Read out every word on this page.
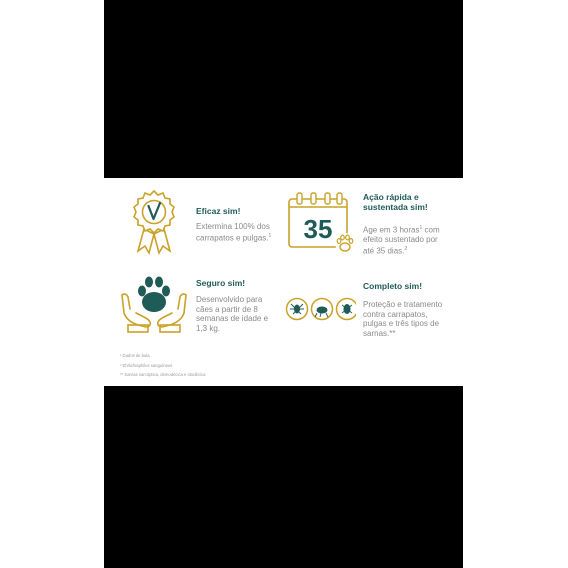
Eficaz sim!
Extermina 100% dos
carrapatos e pulgas.$^1$ 35
Ação rápida e
sustentada sim!
Age em 3 horas$^1$ com
efeito sustentado por
até 35 dias.$^2$
Seguro sim!
Desenvolvido para
cães a partir de 8
semanas de idade e
1,3 kg.
Completo sim!
Proteção e tratamento
contra carrapatos,
pulgas e três tipos de
sarnas.**
¹ Dados de bula
² Ehrlichiaphilus sanguíneus
** Sarnas sarcóptica, demodécica e otodécica
